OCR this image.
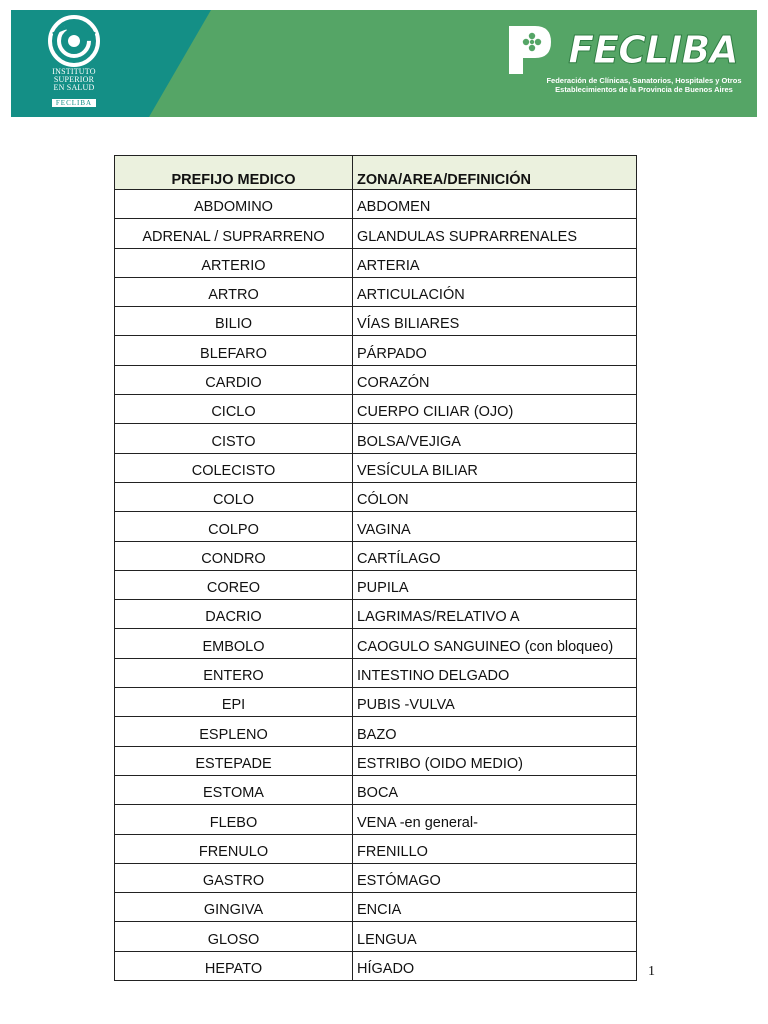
INSTITUTO
SUPERIOR
EN SALUD
FECLIBA
FECLIBA
Federación de Clínicas, Sanatorios, Hospitales y Otros
Establecimientos de la Provincia de Buenos Aires
PREFIJO MEDICO	ZONA/AREA/DEFINICIÓN
ABDOMINO	ABDOMEN
ADRENAL / SUPRARRENO	GLANDULAS SUPRARRENALES
ARTERIO	ARTERIA
ARTRO	ARTICULACIÓN
BILIO	VÍAS BILIARES
BLEFARO	PÁRPADO
CARDIO	CORAZÓN
CICLO	CUERPO CILIAR (OJO)
CISTO	BOLSA/VEJIGA
COLECISTO	VESÍCULA BILIAR
COLO	CÓLON
COLPO	VAGINA
CONDRO	CARTÍLAGO
COREO	PUPILA
DACRIO	LAGRIMAS/RELATIVO A
EMBOLO	CAOGULO SANGUINEO (con bloqueo)
ENTERO	INTESTINO DELGADO
EPI	PUBIS -VULVA
ESPLENO	BAZO
ESTEPADE	ESTRIBO (OIDO MEDIO)
ESTOMA	BOCA
FLEBO	VENA -en general-
FRENULO	FRENILLO
GASTRO	ESTÓMAGO
GINGIVA	ENCIA
GLOSO	LENGUA
HEPATO	HÍGADO	1
